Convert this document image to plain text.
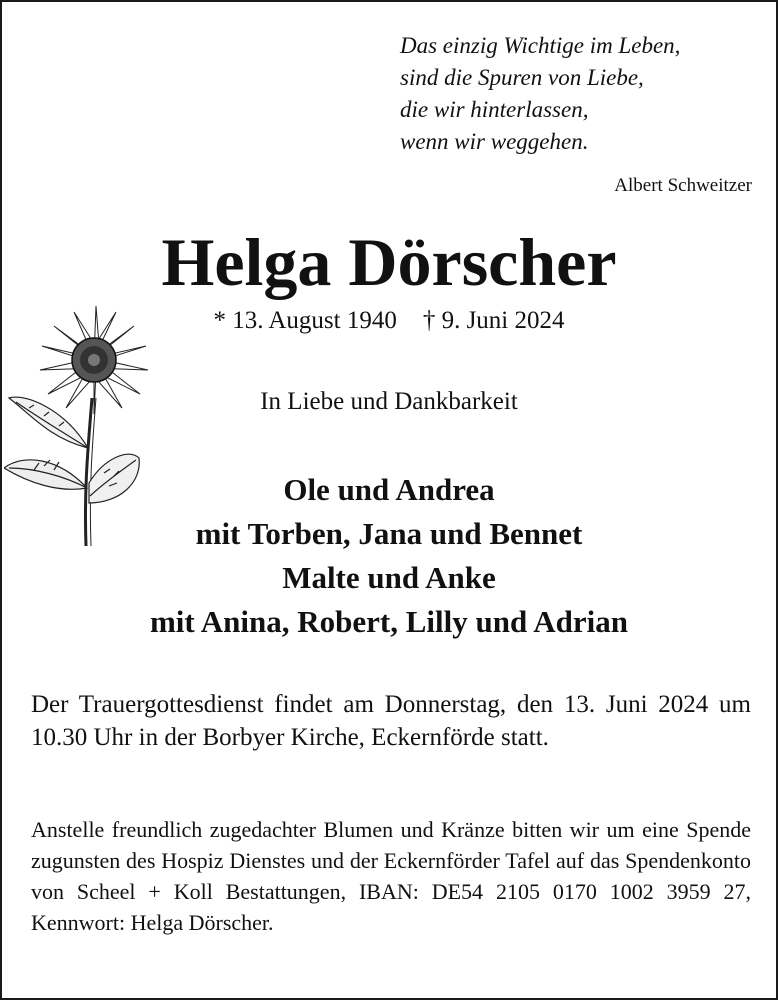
Das einzig Wichtige im Leben,
sind die Spuren von Liebe,
die wir hinterlassen,
wenn wir weggehen.
Albert Schweitzer
Helga Dörscher
* 13. August 1940 † 9. Juni 2024
In Liebe und Dankbarkeit
Ole und Andrea
mit Torben, Jana und Bennet
Malte und Anke
mit Anina, Robert, Lilly und Adrian
Der Trauergottesdienst findet am Donnerstag, den 13. Juni 2024 um 10.30 Uhr in der Borbyer Kirche, Eckernförde statt.
Anstelle freundlich zugedachter Blumen und Kränze bitten wir um eine Spende zugunsten des Hospiz Dienstes und der Eckernförder Tafel auf das Spendenkonto von Scheel + Koll Bestattungen, IBAN: DE54 2105 0170 1002 3959 27, Kennwort: Helga Dörscher.
